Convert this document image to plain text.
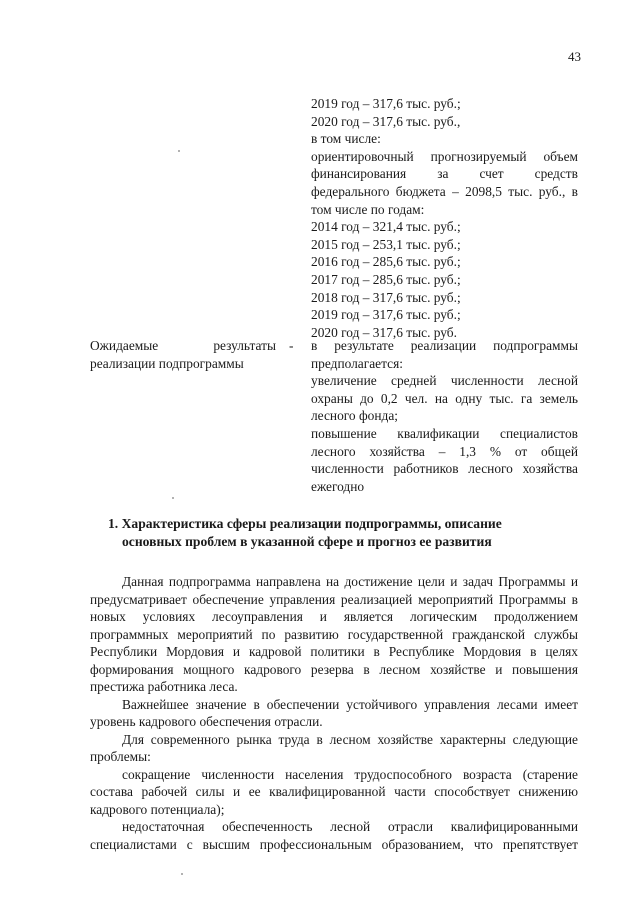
43
2019 год – 317,6 тыс. руб.;
2020 год – 317,6 тыс. руб.,
в том числе:
ориентировочный прогнозируемый объем
финансирования за счет средств
федерального бюджета – 2098,5 тыс. руб., в
том числе по годам:
2014 год – 321,4 тыс. руб.;
2015 год – 253,1 тыс. руб.;
2016 год – 285,6 тыс. руб.;
2017 год – 285,6 тыс. руб.;
2018 год – 317,6 тыс. руб.;
2019 год – 317,6 тыс. руб.;
2020 год – 317,6 тыс. руб.
Ожидаемые результаты
реализации подпрограммы
- в результате реализации подпрограммы
предполагается:
увеличение средней численности лесной
охраны до 0,2 чел. на одну тыс. га земель
лесного фонда;
повышение квалификации специалистов
лесного хозяйства – 1,3 % от общей
численности работников лесного хозяйства
ежегодно
1. Характеристика сферы реализации подпрограммы, описание
основных проблем в указанной сфере и прогноз ее развития
Данная подпрограмма направлена на достижение цели и задач Программы и предусматривает обеспечение управления реализацией мероприятий Программы в новых условиях лесоуправления и является логическим продолжением программных мероприятий по развитию государственной гражданской службы Республики Мордовия и кадровой политики в Республике Мордовия в целях формирования мощного кадрового резерва в лесном хозяйстве и повышения престижа работника леса.
Важнейшее значение в обеспечении устойчивого управления лесами имеет уровень кадрового обеспечения отрасли.
Для современного рынка труда в лесном хозяйстве характерны следующие проблемы:
сокращение численности населения трудоспособного возраста (старение состава рабочей силы и ее квалифицированной части способствует снижению кадрового потенциала);
недостаточная обеспеченность лесной отрасли квалифицированными специалистами с высшим профессиональным образованием, что препятствует
